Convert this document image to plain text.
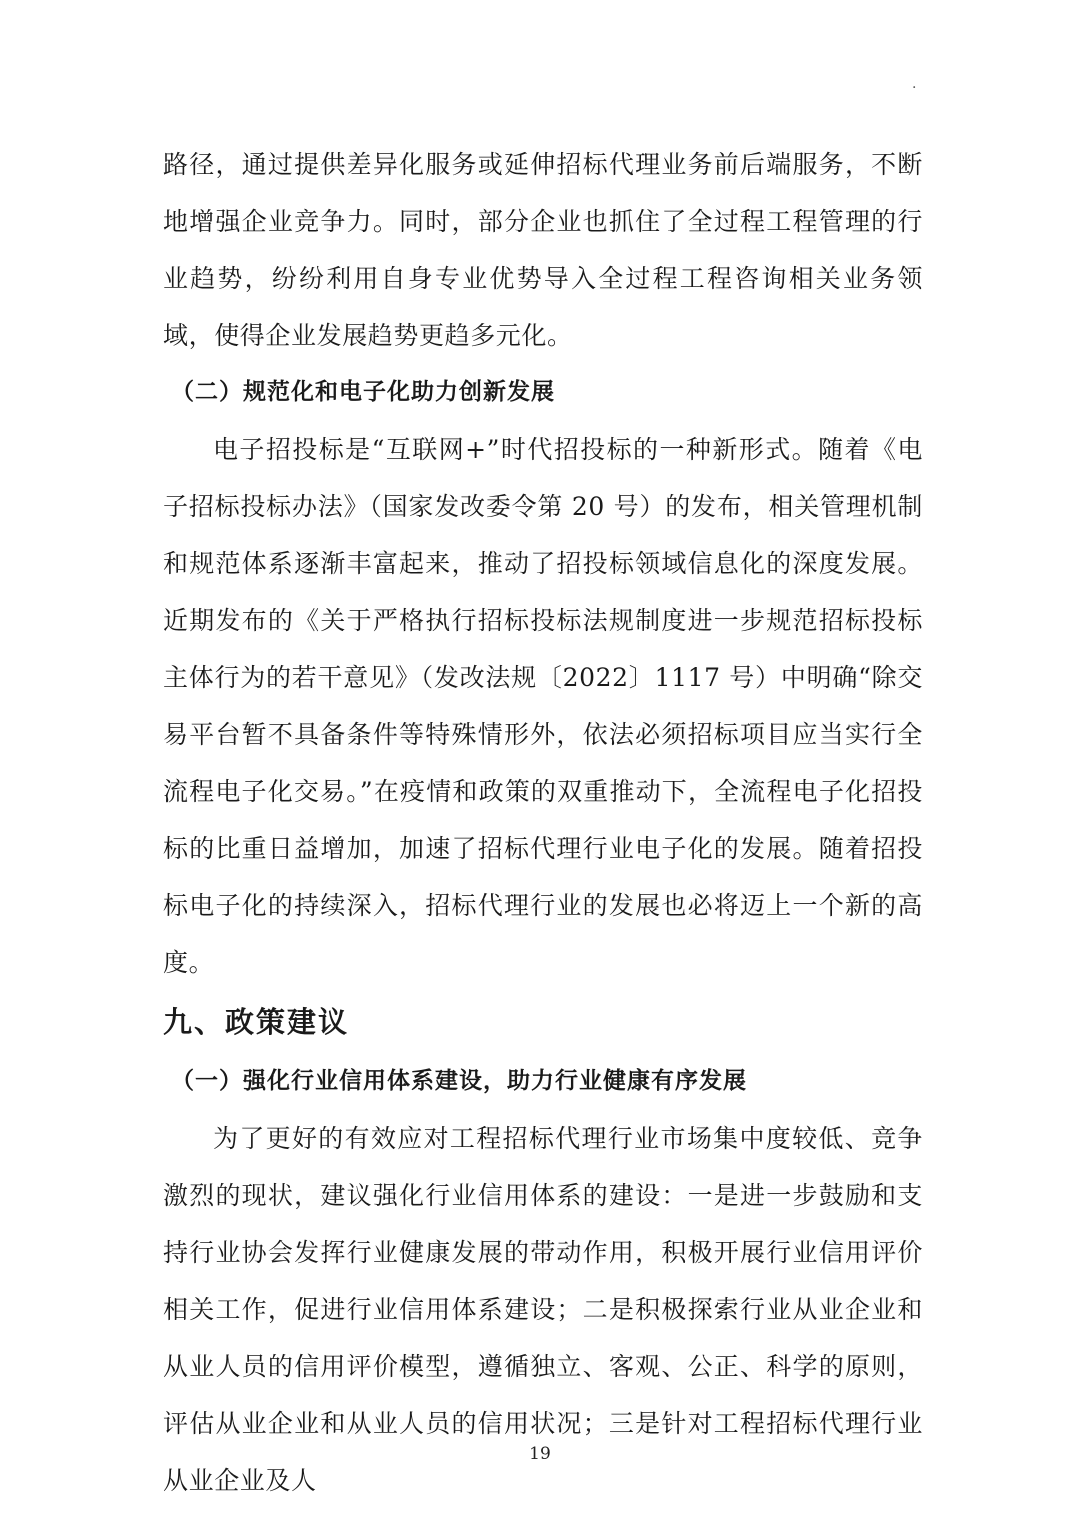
·

路径，通过提供差异化服务或延伸招标代理业务前后端服务，不断地增强企业竞争力。同时，部分企业也抓住了全过程工程管理的行业趋势，纷纷利用自身专业优势导入全过程工程咨询相关业务领域，使得企业发展趋势更趋多元化。

（二）规范化和电子化助力创新发展

电子招投标是“互联网+”时代招投标的一种新形式。随着《电子招标投标办法》（国家发改委令第 20 号）的发布，相关管理机制和规范体系逐渐丰富起来，推动了招投标领域信息化的深度发展。近期发布的《关于严格执行招标投标法规制度进一步规范招标投标主体行为的若干意见》（发改法规〔2022〕1117 号）中明确“除交易平台暂不具备条件等特殊情形外，依法必须招标项目应当实行全流程电子化交易。”在疫情和政策的双重推动下，全流程电子化招投标的比重日益增加，加速了招标代理行业电子化的发展。随着招投标电子化的持续深入，招标代理行业的发展也必将迈上一个新的高度。

九、政策建议
（一）强化行业信用体系建设，助力行业健康有序发展

为了更好的有效应对工程招标代理行业市场集中度较低、竞争激烈的现状，建议强化行业信用体系的建设：一是进一步鼓励和支持行业协会发挥行业健康发展的带动作用，积极开展行业信用评价相关工作，促进行业信用体系建设；二是积极探索行业从业企业和从业人员的信用评价模型，遵循独立、客观、公正、科学的原则，评估从业企业和从业人员的信用状况；三是针对工程招标代理行业从业企业及人

19
